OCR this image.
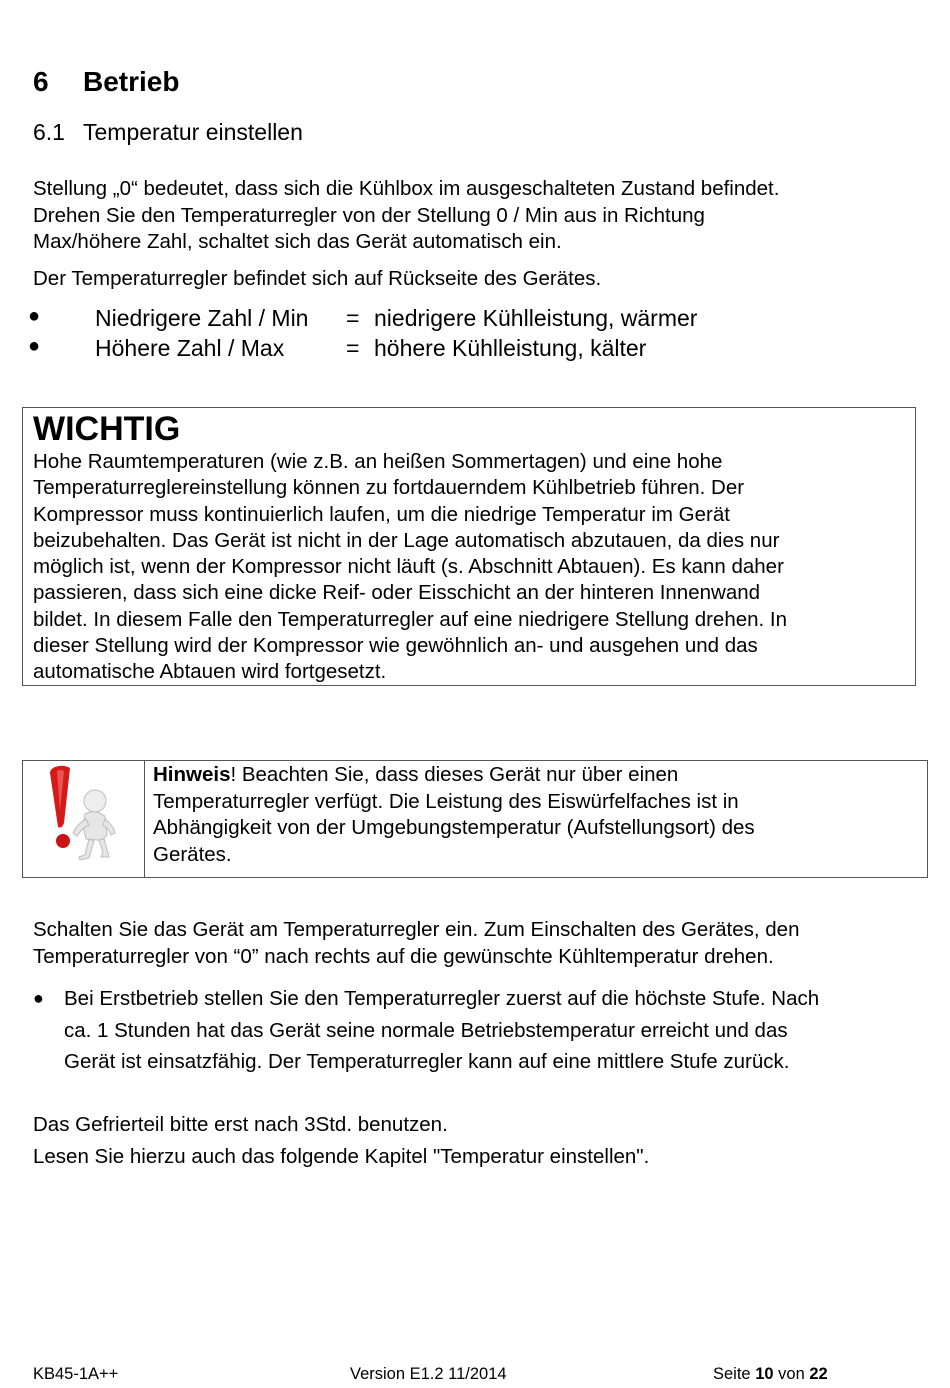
6 Betrieb
6.1 Temperatur einstellen
Stellung „0“ bedeutet, dass sich die Kühlbox im ausgeschalteten Zustand befindet.
Drehen Sie den Temperaturregler von der Stellung 0 / Min aus in Richtung
Max/höhere Zahl, schaltet sich das Gerät automatisch ein.
Der Temperaturregler befindet sich auf Rückseite des Gerätes.
● Niedrigere Zahl / Min = niedrigere Kühlleistung, wärmer
● Höhere Zahl / Max	= höhere Kühlleistung, kälter
WICHTIG
Hohe Raumtemperaturen (wie z.B. an heißen Sommertagen) und eine hohe
Temperaturreglereinstellung können zu fortdauerndem Kühlbetrieb führen. Der
Kompressor muss kontinuierlich laufen, um die niedrige Temperatur im Gerät
beizubehalten. Das Gerät ist nicht in der Lage automatisch abzutauen, da dies nur
möglich ist, wenn der Kompressor nicht läuft (s. Abschnitt Abtauen). Es kann daher
passieren, dass sich eine dicke Reif- oder Eisschicht an der hinteren Innenwand
bildet. In diesem Falle den Temperaturregler auf eine niedrigere Stellung drehen. In
dieser Stellung wird der Kompressor wie gewöhnlich an- und ausgehen und das
automatische Abtauen wird fortgesetzt.
Hinweis! Beachten Sie, dass dieses Gerät nur über einen
Temperaturregler verfügt. Die Leistung des Eiswürfelfaches ist in
Abhängigkeit von der Umgebungstemperatur (Aufstellungsort) des
Gerätes.
Schalten Sie das Gerät am Temperaturregler ein. Zum Einschalten des Gerätes, den
Temperaturregler von “0” nach rechts auf die gewünschte Kühltemperatur drehen.
● Bei Erstbetrieb stellen Sie den Temperaturregler zuerst auf die höchste Stufe. Nach
ca. 1 Stunden hat das Gerät seine normale Betriebstemperatur erreicht und das
Gerät ist einsatzfähig. Der Temperaturregler kann auf eine mittlere Stufe zurück.
Das Gefrierteil bitte erst nach 3Std. benutzen.
Lesen Sie hierzu auch das folgende Kapitel "Temperatur einstellen".
KB45-1A++	Version E1.2 11/2014	Seite 10 von 22
